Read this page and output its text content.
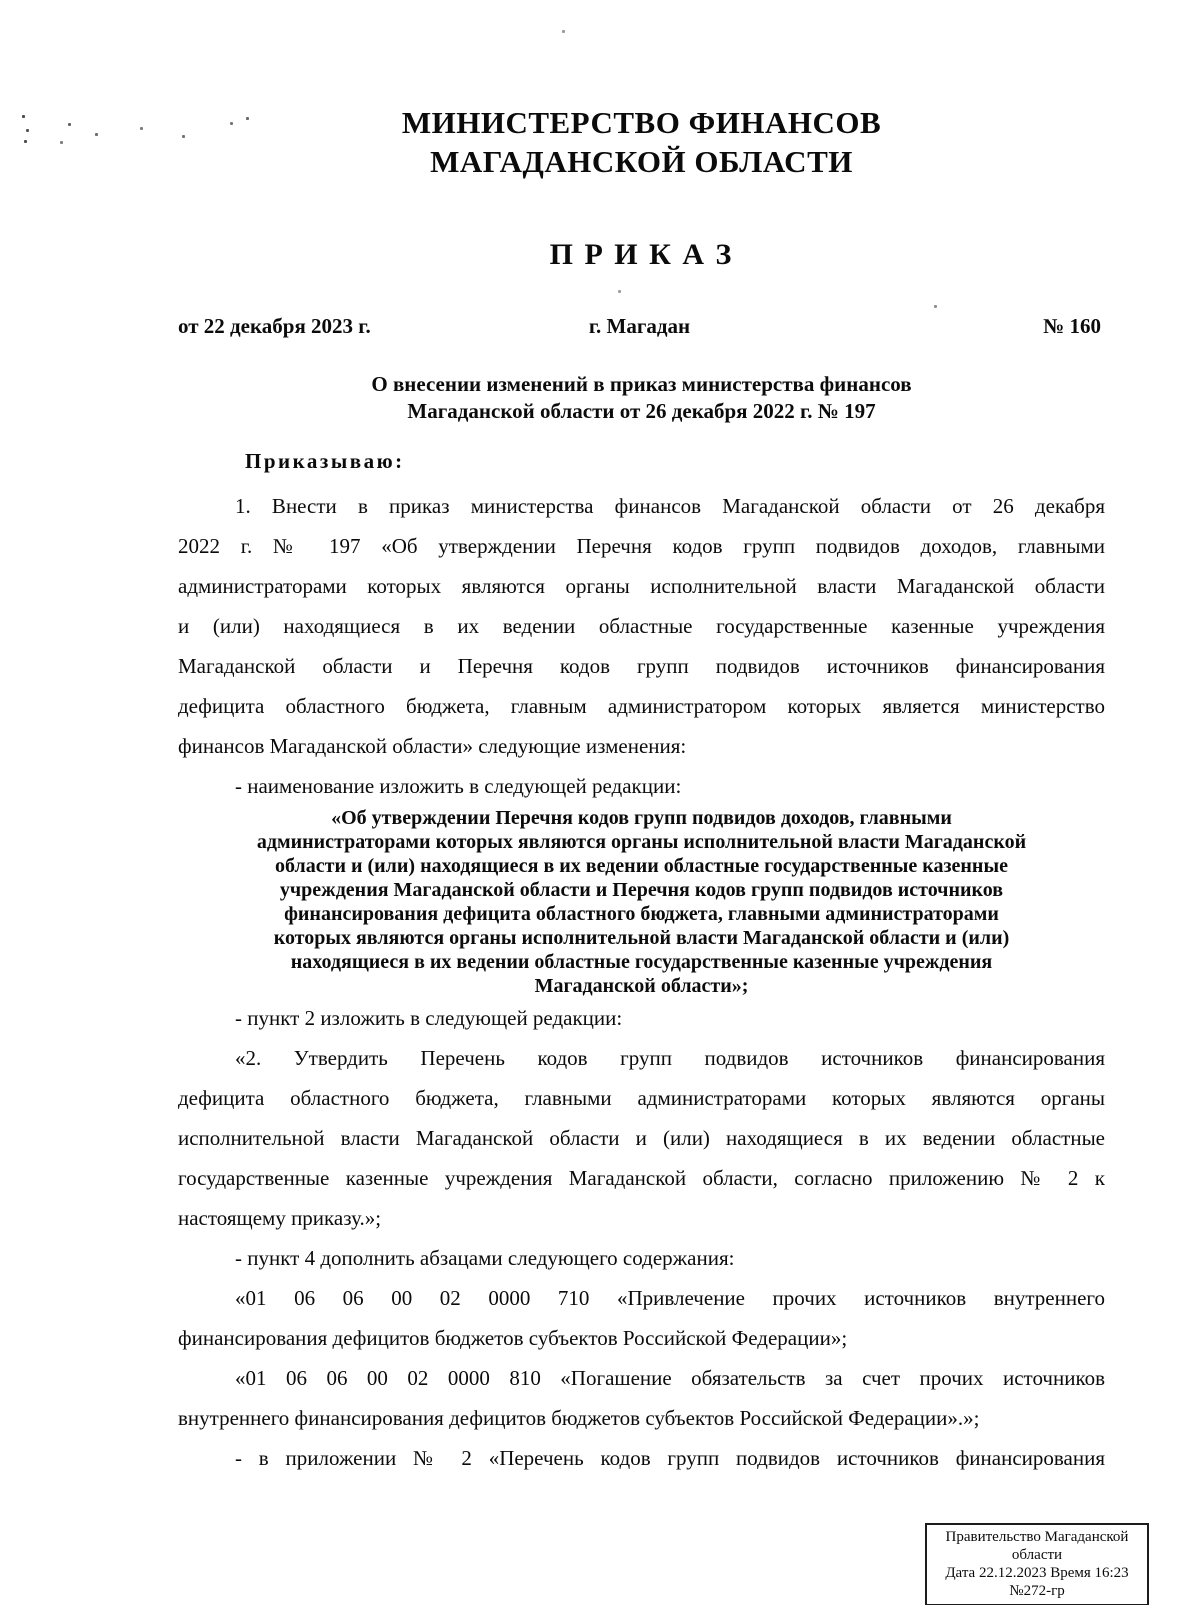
МИНИСТЕРСТВО ФИНАНСОВ
МАГАДАНСКОЙ ОБЛАСТИ
П Р И К А З
от 22 декабря 2023 г.	г. Магадан	№ 160
О внесении изменений в приказ министерства финансов
Магаданской области от 26 декабря 2022 г. № 197
Приказываю:
1. Внести в приказ министерства финансов Магаданской области от 26 декабря
2022 г. № 197 «Об утверждении Перечня кодов групп подвидов доходов, главными
администраторами которых являются органы исполнительной власти Магаданской области
и (или) находящиеся в их ведении областные государственные казенные учреждения
Магаданской области и Перечня кодов групп подвидов источников финансирования
дефицита областного бюджета, главным администратором которых является министерство
финансов Магаданской области» следующие изменения:
- наименование изложить в следующей редакции:
«Об утверждении Перечня кодов групп подвидов доходов, главными
администраторами которых являются органы исполнительной власти Магаданской
области и (или) находящиеся в их ведении областные государственные казенные
учреждения Магаданской области и Перечня кодов групп подвидов источников
финансирования дефицита областного бюджета, главными администраторами
которых являются органы исполнительной власти Магаданской области и (или)
находящиеся в их ведении областные государственные казенные учреждения
Магаданской области»;
- пункт 2 изложить в следующей редакции:
«2. Утвердить Перечень кодов групп подвидов источников финансирования
дефицита областного бюджета, главными администраторами которых являются органы
исполнительной власти Магаданской области и (или) находящиеся в их ведении областные
государственные казенные учреждения Магаданской области, согласно приложению № 2 к
настоящему приказу.»;
- пункт 4 дополнить абзацами следующего содержания:
«01 06 06 00 02 0000 710 «Привлечение прочих источников внутреннего
финансирования дефицитов бюджетов субъектов Российской Федерации»;
«01 06 06 00 02 0000 810 «Погашение обязательств за счет прочих источников
внутреннего финансирования дефицитов бюджетов субъектов Российской Федерации».»;
- в приложении № 2 «Перечень кодов групп подвидов источников финансирования
Правительство Магаданской
области
Дата 22.12.2023 Время 16:23
№272-гр
